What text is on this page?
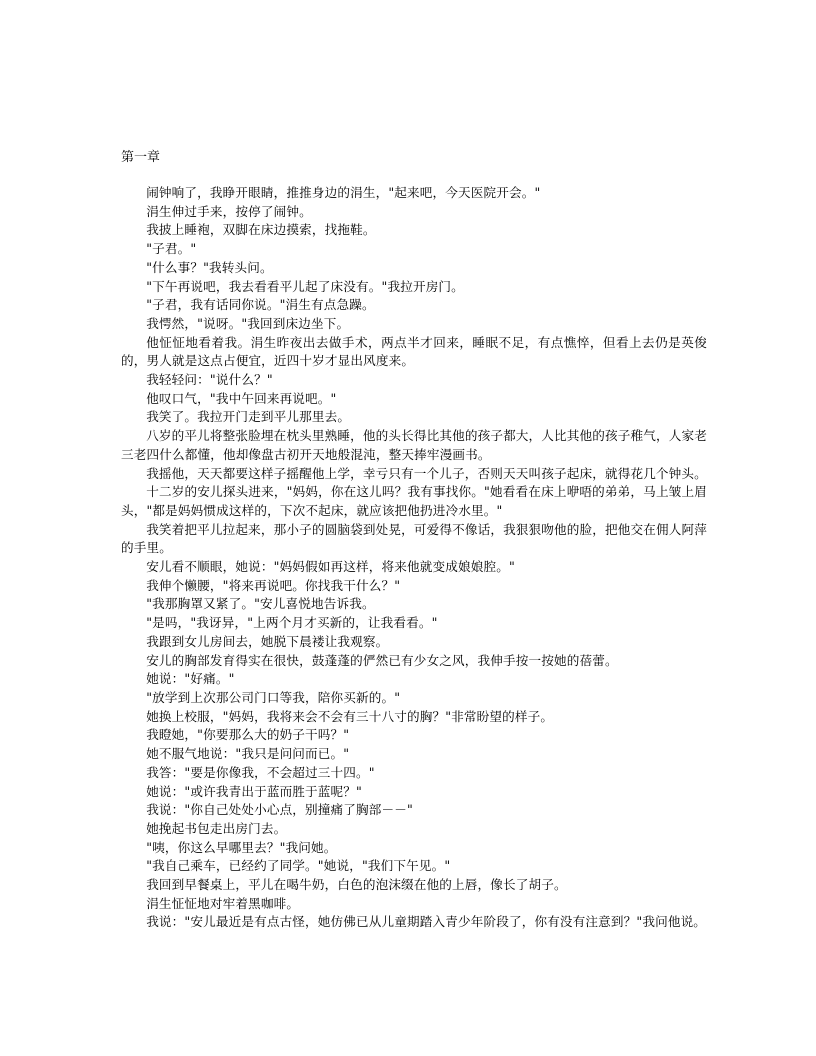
第一章

闹钟响了，我睁开眼睛，推推身边的涓生，"起来吧，今天医院开会。"

涓生伸过手来，按停了闹钟。

我披上睡袍，双脚在床边摸索，找拖鞋。

"子君。"

"什么事？"我转头问。

"下午再说吧，我去看看平儿起了床没有。"我拉开房门。

"子君，我有话同你说。"涓生有点急躁。

我愕然，"说呀。"我回到床边坐下。

他怔怔地看着我。涓生昨夜出去做手术，两点半才回来，睡眠不足，有点憔悴，但看上去仍是英俊的，男人就是这点占便宜，近四十岁才显出风度来。

我轻轻问："说什么？"

他叹口气，"我中午回来再说吧。"

我笑了。我拉开门走到平儿那里去。

八岁的平儿将整张脸埋在枕头里熟睡，他的头长得比其他的孩子都大，人比其他的孩子稚气，人家老三老四什么都懂，他却像盘古初开天地般混沌，整天捧牢漫画书。

我摇他，天天都要这样子摇醒他上学，幸亏只有一个儿子，否则天天叫孩子起床，就得花几个钟头。

十二岁的安儿探头进来，"妈妈，你在这儿吗？我有事找你。"她看看在床上咿唔的弟弟，马上皱上眉头，"都是妈妈惯成这样的，下次不起床，就应该把他扔进冷水里。"

我笑着把平儿拉起来，那小子的圆脑袋到处晃，可爱得不像话，我狠狠吻他的脸，把他交在佣人阿萍的手里。

安儿看不顺眼，她说："妈妈假如再这样，将来他就变成娘娘腔。"

我伸个懒腰，"将来再说吧。你找我干什么？"

"我那胸罩又紧了。"安儿喜悦地告诉我。

"是吗，"我讶异，"上两个月才买新的，让我看看。"

我跟到女儿房间去，她脱下晨褛让我观察。

安儿的胸部发育得实在很快，鼓蓬蓬的俨然已有少女之风，我伸手按一按她的蓓蕾。

她说："好痛。"

"放学到上次那公司门口等我，陪你买新的。"

她换上校服，"妈妈，我将来会不会有三十八寸的胸？"非常盼望的样子。

我瞪她，"你要那么大的奶子干吗？"

她不服气地说："我只是问问而已。"

我答："要是你像我，不会超过三十四。"

她说："或许我青出于蓝而胜于蓝呢？"

我说："你自己处处小心点，别撞痛了胸部－－"

她挽起书包走出房门去。

"咦，你这么早哪里去？"我问她。

"我自己乘车，已经约了同学。"她说，"我们下午见。"

我回到早餐桌上，平儿在喝牛奶，白色的泡沫缀在他的上唇，像长了胡子。

涓生怔怔地对牢着黑咖啡。

我说："安儿最近是有点古怪，她仿佛已从儿童期踏入青少年阶段了，你有没有注意到？"我问他说。
